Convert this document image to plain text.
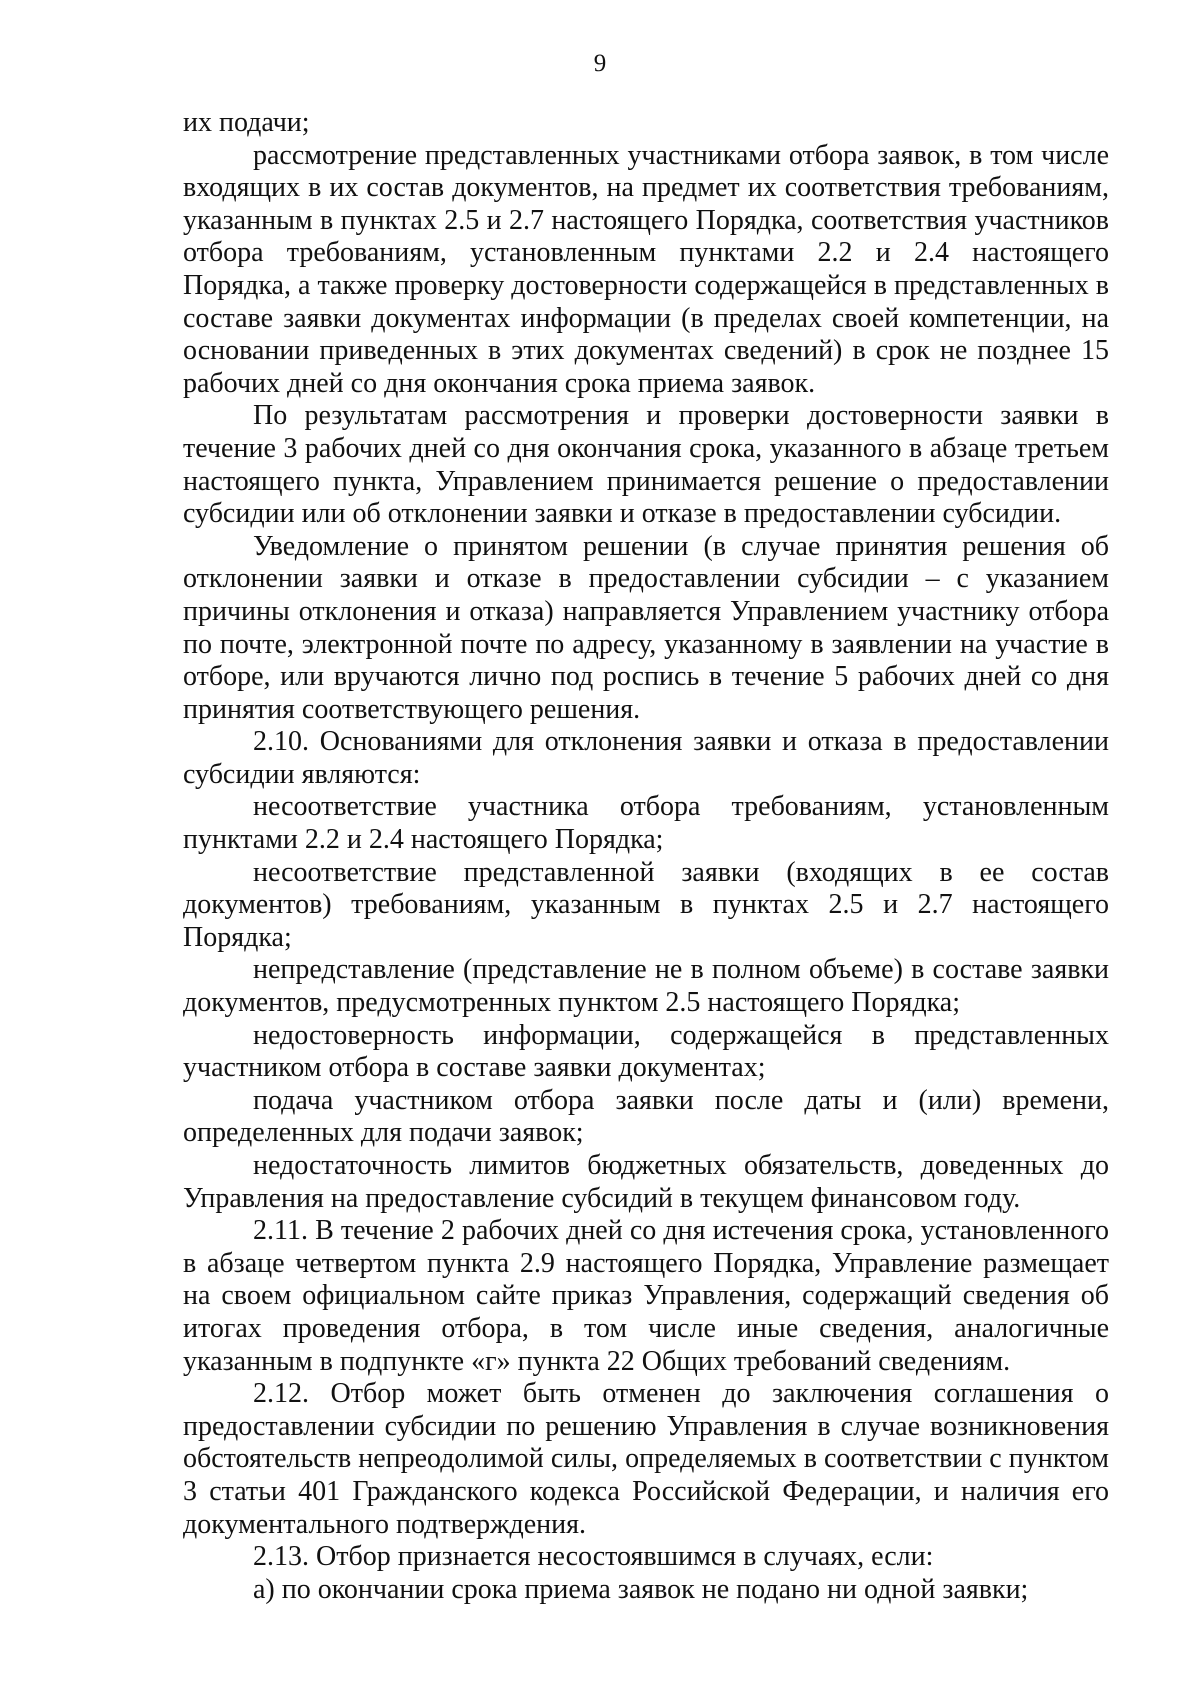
9

их подачи;

рассмотрение представленных участниками отбора заявок, в том числе входящих в их состав документов, на предмет их соответствия требованиям, указанным в пунктах 2.5 и 2.7 настоящего Порядка, соответствия участников отбора требованиям, установленным пунктами 2.2 и 2.4 настоящего Порядка, а также проверку достоверности содержащейся в представленных в составе заявки документах информации (в пределах своей компетенции, на основании приведенных в этих документах сведений) в срок не позднее 15 рабочих дней со дня окончания срока приема заявок.

По результатам рассмотрения и проверки достоверности заявки в течение 3 рабочих дней со дня окончания срока, указанного в абзаце третьем настоящего пункта, Управлением принимается решение о предоставлении субсидии или об отклонении заявки и отказе в предоставлении субсидии.

Уведомление о принятом решении (в случае принятия решения об отклонении заявки и отказе в предоставлении субсидии – с указанием причины отклонения и отказа) направляется Управлением участнику отбора по почте, электронной почте по адресу, указанному в заявлении на участие в отборе, или вручаются лично под роспись в течение 5 рабочих дней со дня принятия соответствующего решения.

2.10. Основаниями для отклонения заявки и отказа в предоставлении субсидии являются:

несоответствие участника отбора требованиям, установленным пунктами 2.2 и 2.4 настоящего Порядка;

несоответствие представленной заявки (входящих в ее состав документов) требованиям, указанным в пунктах 2.5 и 2.7 настоящего Порядка;

непредставление (представление не в полном объеме) в составе заявки документов, предусмотренных пунктом 2.5 настоящего Порядка;

недостоверность информации, содержащейся в представленных участником отбора в составе заявки документах;

подача участником отбора заявки после даты и (или) времени, определенных для подачи заявок;

недостаточность лимитов бюджетных обязательств, доведенных до Управления на предоставление субсидий в текущем финансовом году.

2.11. В течение 2 рабочих дней со дня истечения срока, установленного в абзаце четвертом пункта 2.9 настоящего Порядка, Управление размещает на своем официальном сайте приказ Управления, содержащий сведения об итогах проведения отбора, в том числе иные сведения, аналогичные указанным в подпункте «г» пункта 22 Общих требований сведениям.

2.12. Отбор может быть отменен до заключения соглашения о предоставлении субсидии по решению Управления в случае возникновения обстоятельств непреодолимой силы, определяемых в соответствии с пунктом 3 статьи 401 Гражданского кодекса Российской Федерации, и наличия его документального подтверждения.

2.13. Отбор признается несостоявшимся в случаях, если:

а) по окончании срока приема заявок не подано ни одной заявки;
